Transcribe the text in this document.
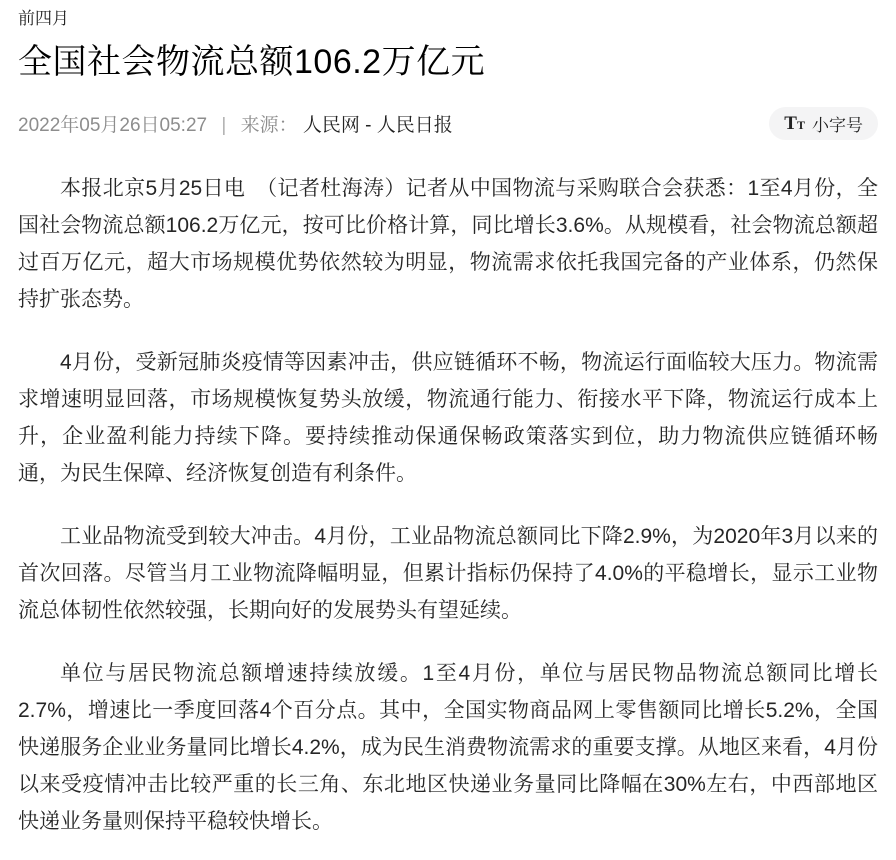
前四月
全国社会物流总额106.2万亿元
2022年05月26日05:27 | 来源： 人民网 - 人民日报	T T 小字号

本报北京5月25日电　（记者杜海涛）记者从中国物流与采购联合会获悉：1至4月份，全国社会物流总额106.2万亿元，按可比价格计算，同比增长3.6%。从规模看，社会物流总额超过百万亿元，超大市场规模优势依然较为明显，物流需求依托我国完备的产业体系，仍然保持扩张态势。

4月份，受新冠肺炎疫情等因素冲击，供应链循环不畅，物流运行面临较大压力。物流需求增速明显回落，市场规模恢复势头放缓，物流通行能力、衔接水平下降，物流运行成本上升，企业盈利能力持续下降。要持续推动保通保畅政策落实到位，助力物流供应链循环畅通，为民生保障、经济恢复创造有利条件。

工业品物流受到较大冲击。4月份，工业品物流总额同比下降2.9%，为2020年3月以来的首次回落。尽管当月工业物流降幅明显，但累计指标仍保持了4.0%的平稳增长，显示工业物流总体韧性依然较强，长期向好的发展势头有望延续。

单位与居民物流总额增速持续放缓。1至4月份，单位与居民物品物流总额同比增长2.7%，增速比一季度回落4个百分点。其中，全国实物商品网上零售额同比增长5.2%，全国快递服务企业业务量同比增长4.2%，成为民生消费物流需求的重要支撑。从地区来看，4月份以来受疫情冲击比较严重的长三角、东北地区快递业务量同比降幅在30%左右，中西部地区快递业务量则保持平稳较快增长。
